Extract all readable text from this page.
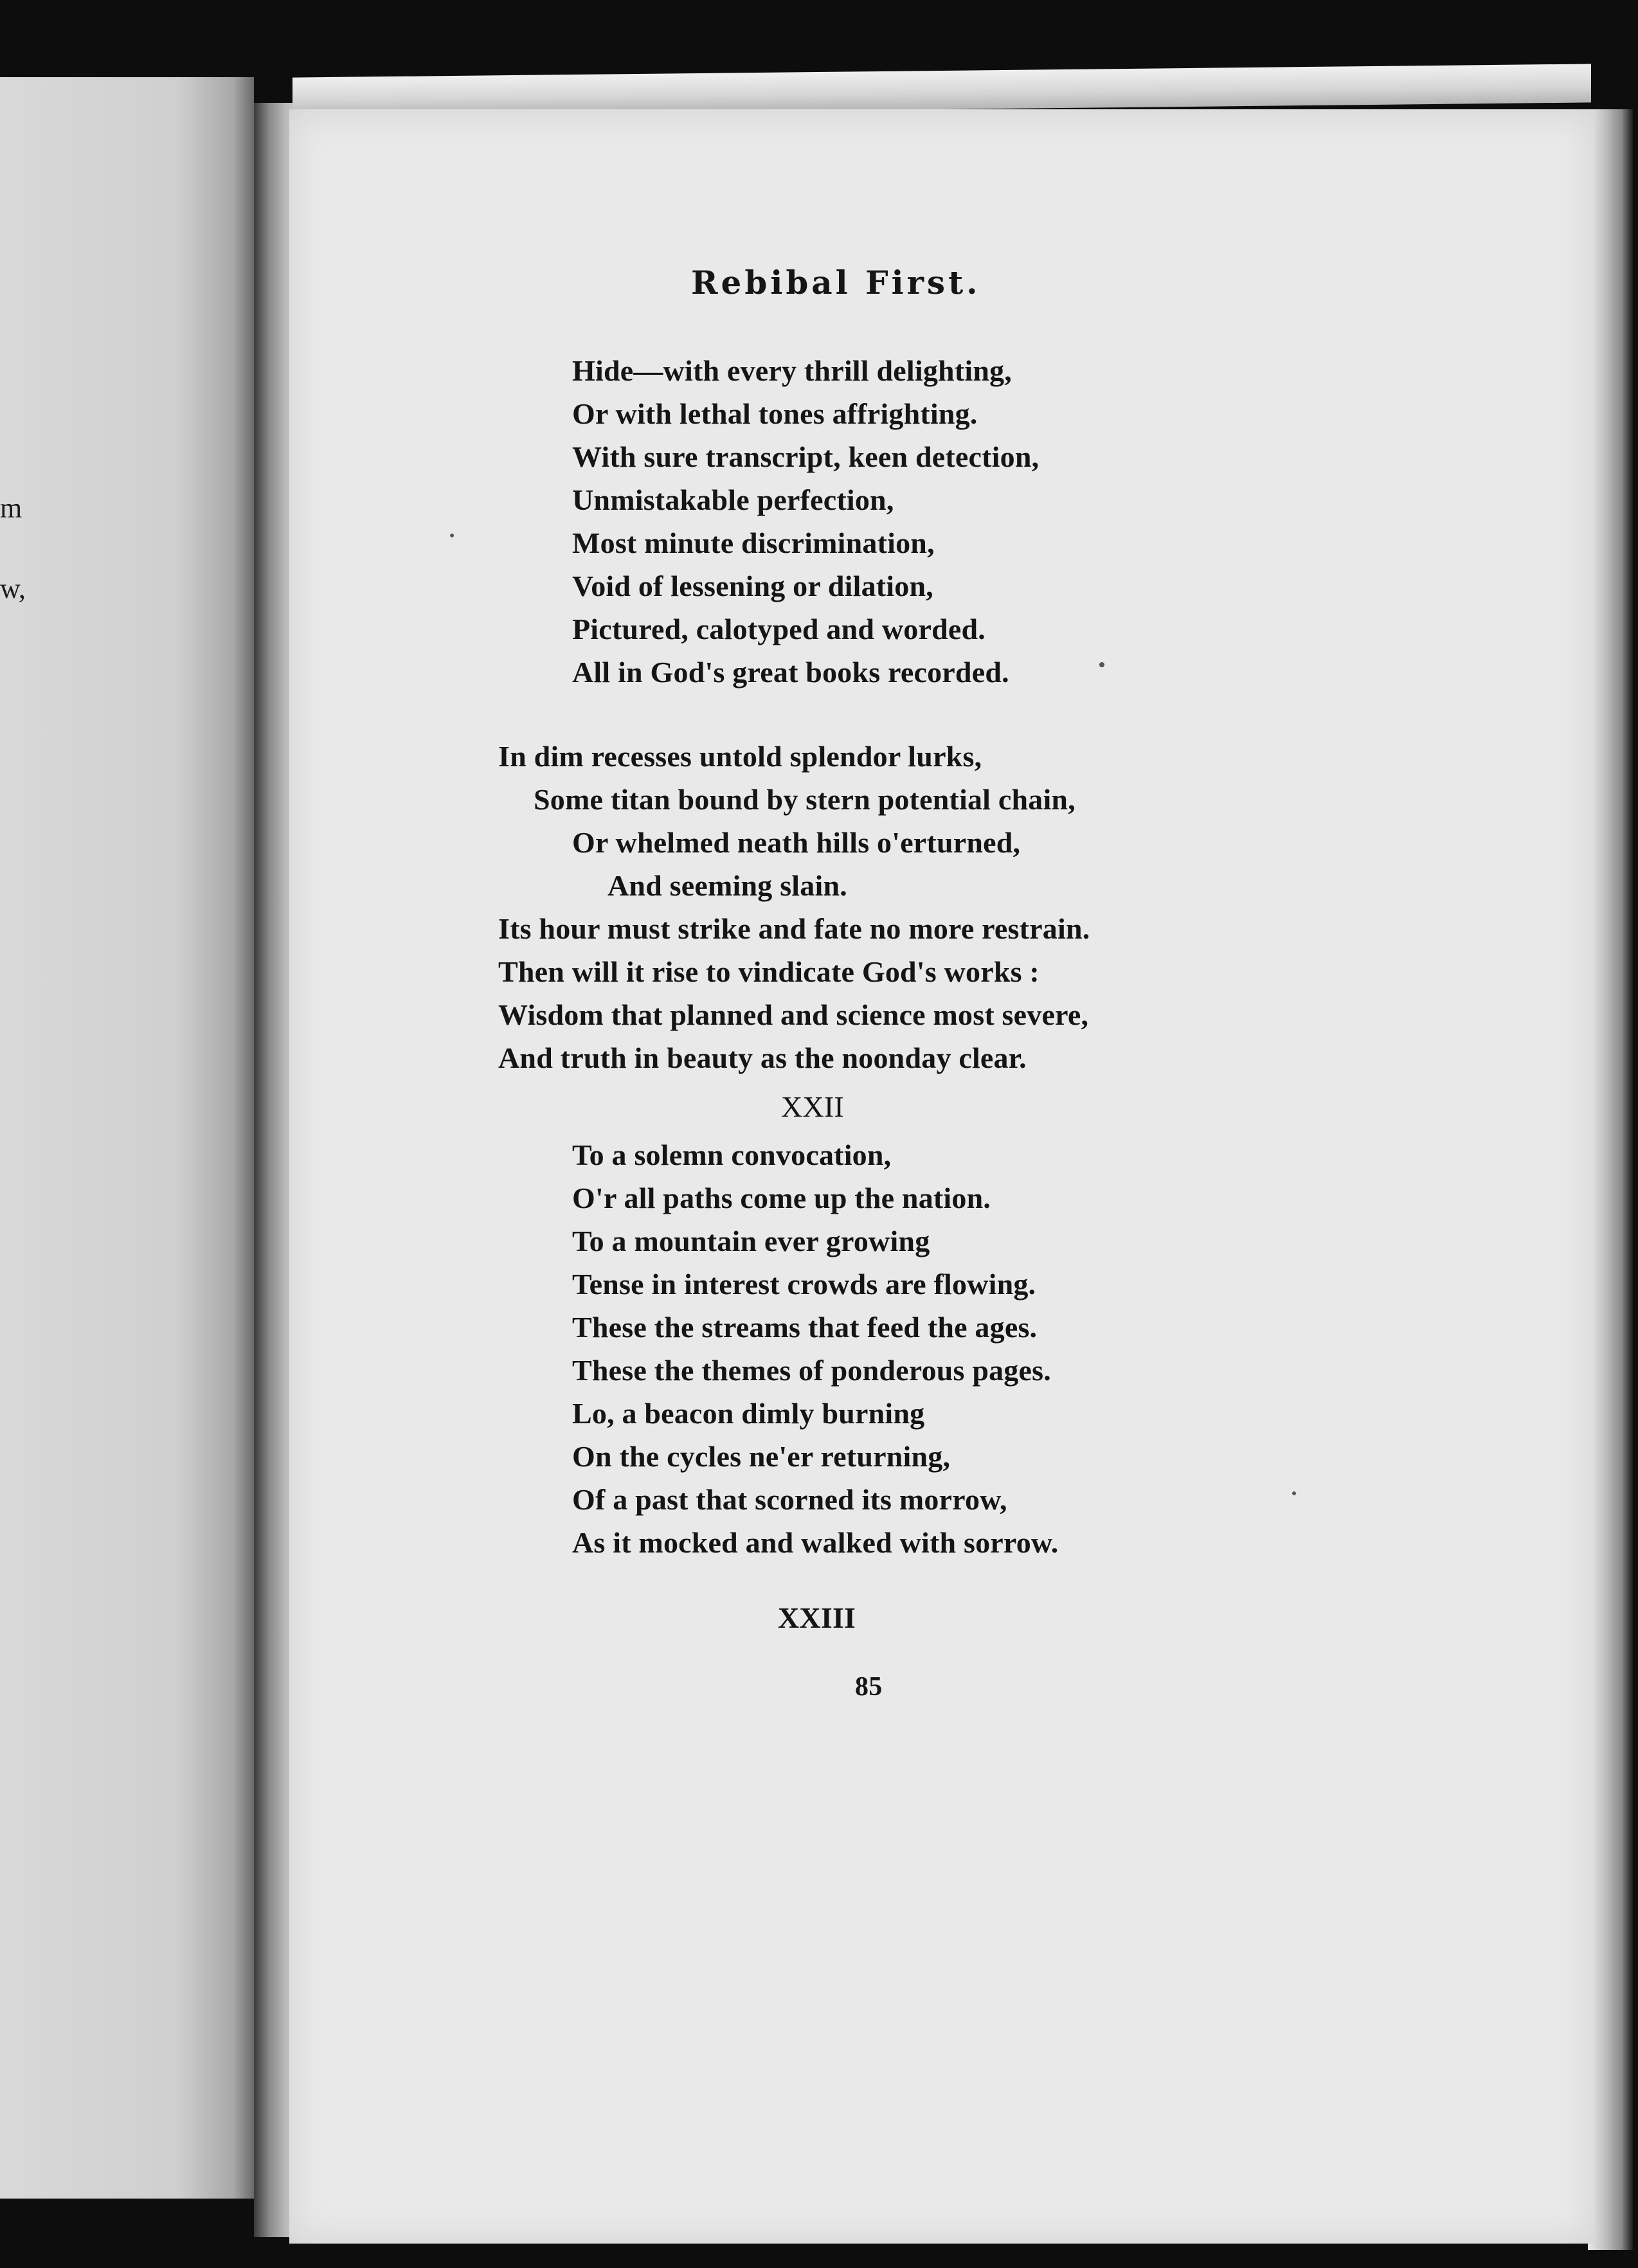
m
w,
Rebibal First.
Hide—with every thrill delighting,
Or with lethal tones affrighting.
With sure transcript, keen detection,
Unmistakable perfection,
Most minute discrimination,
Void of lessening or dilation,
Pictured, calotyped and worded.
All in God's great books recorded.
In dim recesses untold splendor lurks,
Some titan bound by stern potential chain,
Or whelmed neath hills o'erturned,
And seeming slain.
Its hour must strike and fate no more restrain.
Then will it rise to vindicate God's works :
Wisdom that planned and science most severe,
And truth in beauty as the noonday clear.
XXII
To a solemn convocation,
O'r all paths come up the nation.
To a mountain ever growing
Tense in interest crowds are flowing.
These the streams that feed the ages.
These the themes of ponderous pages.
Lo, a beacon dimly burning
On the cycles ne'er returning,
Of a past that scorned its morrow,
As it mocked and walked with sorrow.
XXIII
85
